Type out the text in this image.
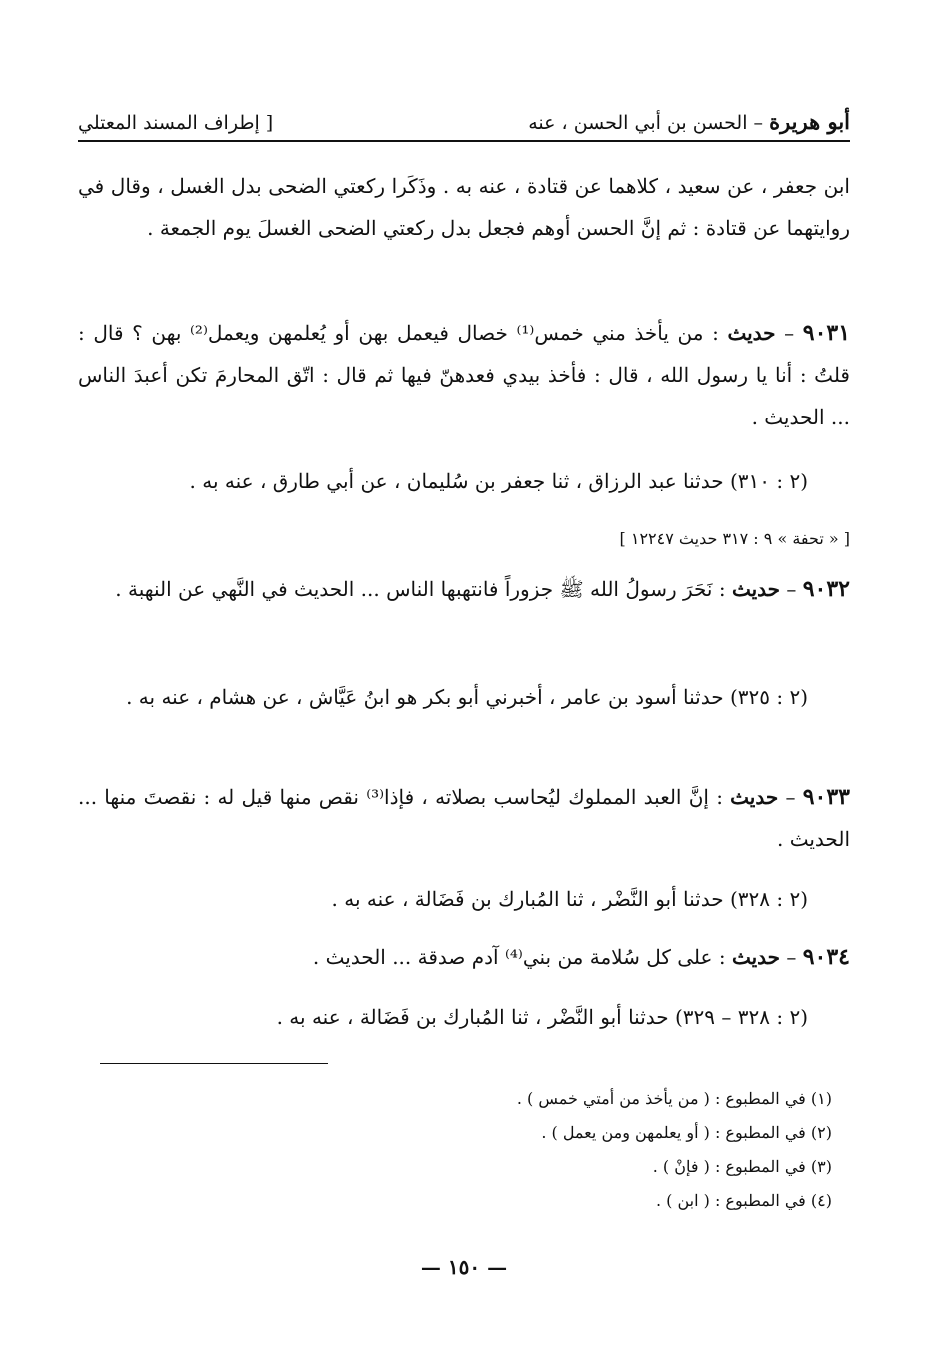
أبو هريرة – الحسن بن أبي الحسن ، عنه
[ إطراف المسند المعتلي
ابن جعفر ، عن سعيد ، كلاهما عن قتادة ، عنه به . وذَكَرا ركعتي الضحى بدل الغسل ، وقال في روايتهما عن قتادة : ثم إنَّ الحسن أوهم فجعل بدل ركعتي الضحى الغسلَ يوم الجمعة .
٩٠٣١ – حديث : من يأخذ مني خمس⁽¹⁾ خصال فيعمل بهن أو يُعلمهن ويعمل⁽²⁾ بهن ؟ قال : قلتُ : أنا يا رسول الله ، قال : فأخذ بيدي فعدهنّ فيها ثم قال : اتّق المحارمَ تكن أعبدَ الناس ... الحديث .
(٢ : ٣١٠) حدثنا عبد الرزاق ، ثنا جعفر بن سُليمان ، عن أبي طارق ، عنه به .
[ « تحفة » ٩ : ٣١٧ حديث ١٢٢٤٧ ]
٩٠٣٢ – حديث : نَحَرَ رسولُ الله ﷺ جزوراً فانتهبها الناس ... الحديث في النَّهي عن النهبة .
(٢ : ٣٢٥) حدثنا أسود بن عامر ، أخبرني أبو بكر هو ابنُ عَيَّاش ، عن هشام ، عنه به .
٩٠٣٣ – حديث : إنَّ العبد المملوك ليُحاسب بصلاته ، فإذا⁽³⁾ نقص منها قيل له : نقصتَ منها ... الحديث .
(٢ : ٣٢٨) حدثنا أبو النَّضْر ، ثنا المُبارك بن فَضَالة ، عنه به .
٩٠٣٤ – حديث : على كل سُلامة من بني⁽⁴⁾ آدم صدقة ... الحديث .
(٢ : ٣٢٨ – ٣٢٩) حدثنا أبو النَّضْر ، ثنا المُبارك بن فَضَالة ، عنه به .
(١) في المطبوع : ( من يأخذ من أمتي خمس ) .
(٢) في المطبوع : ( أو يعلمهن ومن يعمل ) .
(٣) في المطبوع : ( فإنْ ) .
(٤) في المطبوع : ( ابن ) .
— ١٥٠ —
